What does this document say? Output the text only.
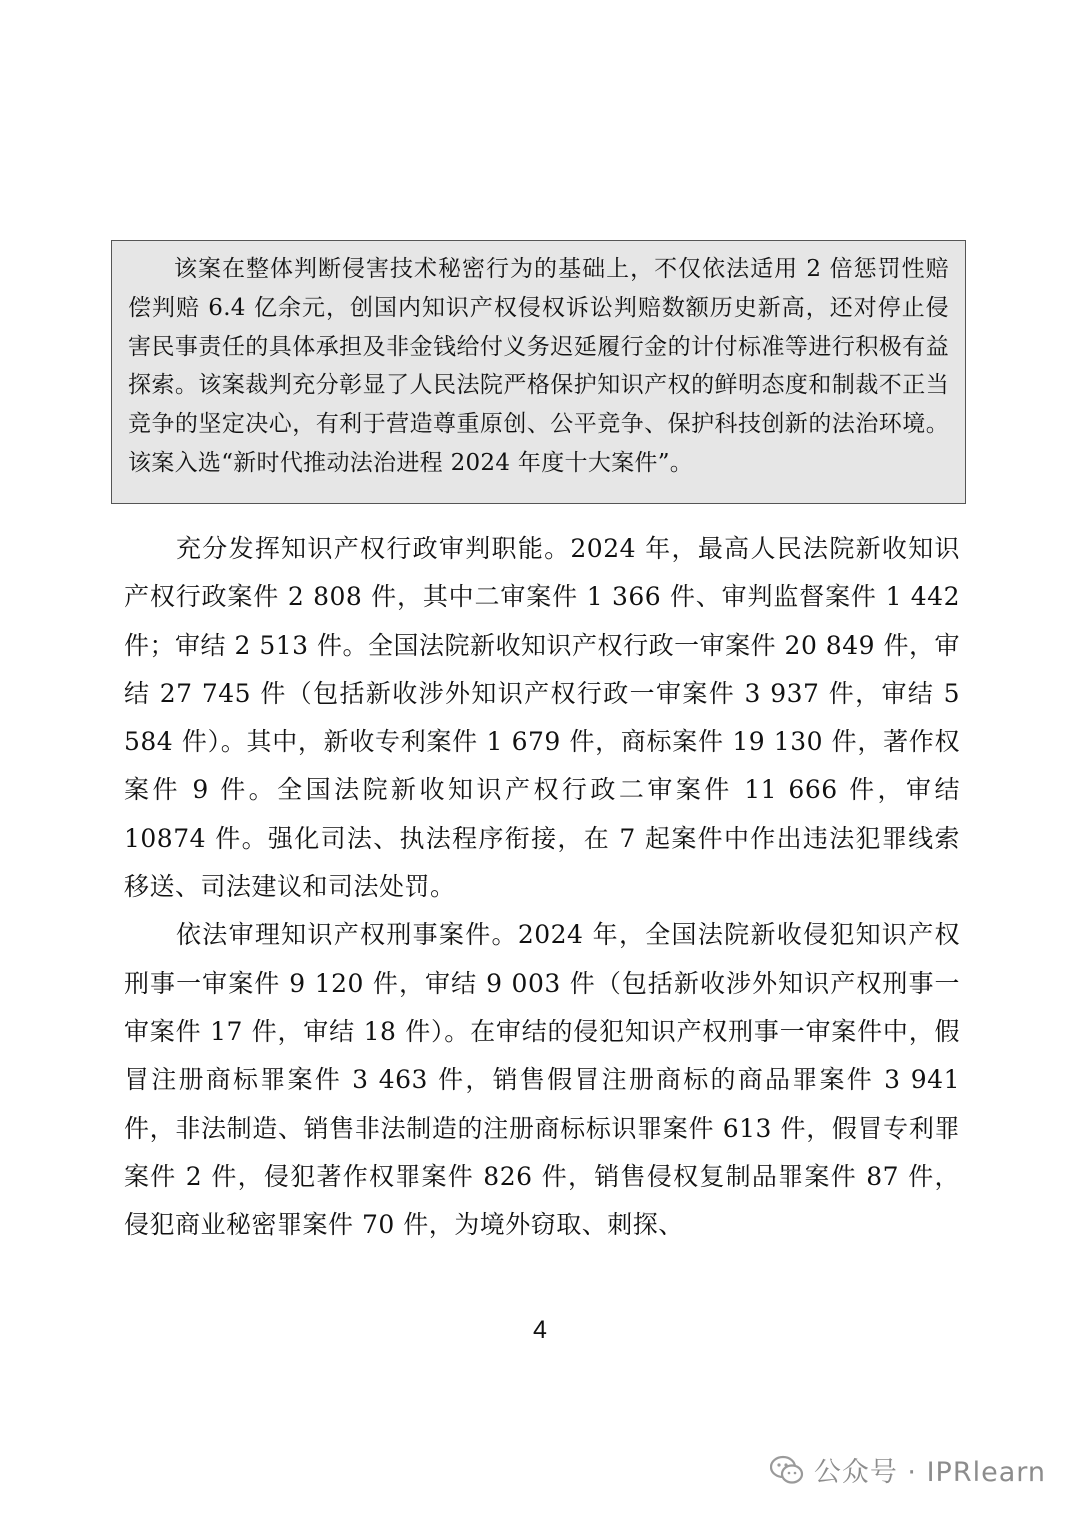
该案在整体判断侵害技术秘密行为的基础上，不仅依法适用 2 倍惩罚性赔偿判赔 6.4 亿余元，创国内知识产权侵权诉讼判赔数额历史新高，还对停止侵害民事责任的具体承担及非金钱给付义务迟延履行金的计付标准等进行积极有益探索。该案裁判充分彰显了人民法院严格保护知识产权的鲜明态度和制裁不正当竞争的坚定决心，有利于营造尊重原创、公平竞争、保护科技创新的法治环境。该案入选“新时代推动法治进程 2024 年度十大案件”。

充分发挥知识产权行政审判职能。2024 年，最高人民法院新收知识产权行政案件 2 808 件，其中二审案件 1 366 件、审判监督案件 1 442 件；审结 2 513 件。全国法院新收知识产权行政一审案件 20 849 件，审结 27 745 件（包括新收涉外知识产权行政一审案件 3 937 件，审结 5 584 件）。其中，新收专利案件 1 679 件，商标案件 19 130 件，著作权案件 9 件。全国法院新收知识产权行政二审案件 11 666 件，审结 10874 件。强化司法、执法程序衔接，在 7 起案件中作出违法犯罪线索移送、司法建议和司法处罚。

依法审理知识产权刑事案件。2024 年，全国法院新收侵犯知识产权刑事一审案件 9 120 件，审结 9 003 件（包括新收涉外知识产权刑事一审案件 17 件，审结 18 件）。在审结的侵犯知识产权刑事一审案件中，假冒注册商标罪案件 3 463 件，销售假冒注册商标的商品罪案件 3 941 件，非法制造、销售非法制造的注册商标标识罪案件 613 件，假冒专利罪案件 2 件，侵犯著作权罪案件 826 件，销售侵权复制品罪案件 87 件，侵犯商业秘密罪案件 70 件，为境外窃取、刺探、

4
公众号 · IPRlearn
